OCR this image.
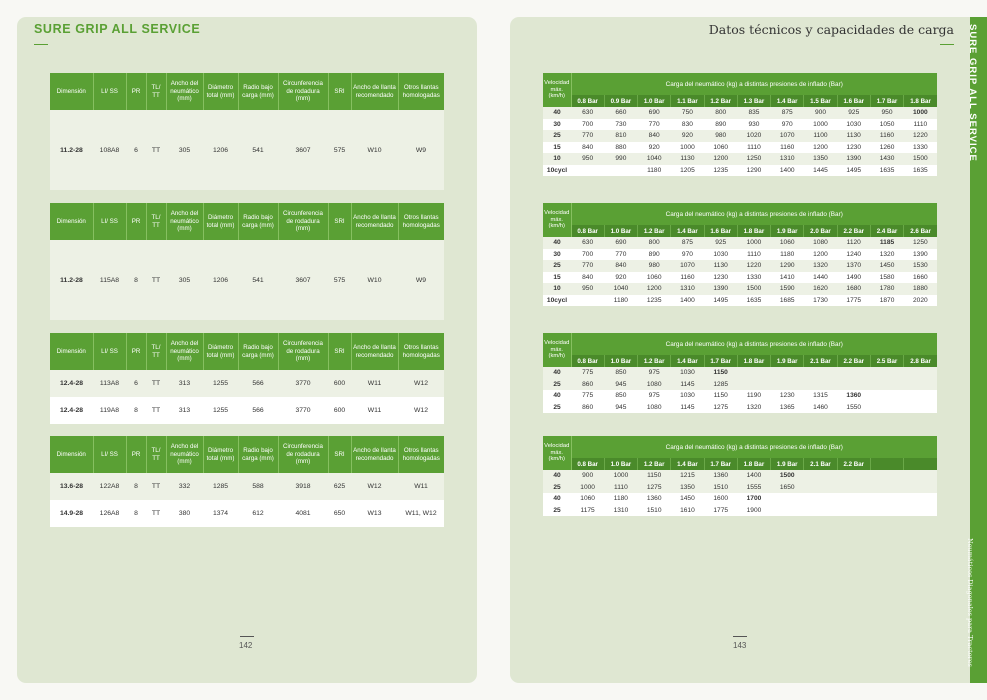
SURE GRIP ALL SERVICE	Datos técnicos y capacidades de carga
142	143
SURE GRIP ALL SERVICE
Neumáticos Diagonales para Tractores
Dimensión	LI/ SS	PR	TL/ TT	Ancho del neumático (mm)	Diámetro total (mm)	Radio bajo carga (mm)	Circunferencia de rodadura (mm)	SRI	Ancho de llanta recomendado	Otros llantas homologadas
11.2-28	108A8	6	TT	305	1206	541	3607	575	W10	W9
Dimensión	LI/ SS	PR	TL/ TT	Ancho del neumático (mm)	Diámetro total (mm)	Radio bajo carga (mm)	Circunferencia de rodadura (mm)	SRI	Ancho de llanta recomendado	Otros llantas homologadas
11.2-28	115A8	8	TT	305	1206	541	3607	575	W10	W9
Dimensión	LI/ SS	PR	TL/ TT	Ancho del neumático (mm)	Diámetro total (mm)	Radio bajo carga (mm)	Circunferencia de rodadura (mm)	SRI	Ancho de llanta recomendado	Otros llantas homologadas
12.4-28	113A8	6	TT	313	1255	566	3770	600	W11	W12
12.4-28	119A8	8	TT	313	1255	566	3770	600	W11	W12
Dimensión	LI/ SS	PR	TL/ TT	Ancho del neumático (mm)	Diámetro total (mm)	Radio bajo carga (mm)	Circunferencia de rodadura (mm)	SRI	Ancho de llanta recomendado	Otros llantas homologadas
13.6-28	122A8	8	TT	332	1285	588	3918	625	W12	W11
14.9-28	126A8	8	TT	380	1374	612	4081	650	W13	W11, W12
Velocidad máx. (km/h)	Carga del neumático (kg) a distintas presiones de inflado (Bar)										
	0.8 Bar	0.9 Bar	1.0 Bar	1.1 Bar	1.2 Bar	1.3 Bar	1.4 Bar	1.5 Bar	1.6 Bar	1.7 Bar	1.8 Bar
40	630	660	690	750	800	835	875	900	925	950	1000
30	700	730	770	830	890	930	970	1000	1030	1050	1110
25	770	810	840	920	980	1020	1070	1100	1130	1160	1220
15	840	880	920	1000	1060	1110	1160	1200	1230	1260	1330
10	950	990	1040	1130	1200	1250	1310	1350	1390	1430	1500
10cycl			1180	1205	1235	1290	1400	1445	1495	1635	1635
Velocidad máx. (km/h)	Carga del neumático (kg) a distintas presiones de inflado (Bar)										
	0.8 Bar	1.0 Bar	1.2 Bar	1.4 Bar	1.6 Bar	1.8 Bar	1.9 Bar	2.0 Bar	2.2 Bar	2.4 Bar	2.6 Bar
40	630	690	800	875	925	1000	1060	1080	1120	1185	1250
30	700	770	890	970	1030	1110	1180	1200	1240	1320	1390
25	770	840	980	1070	1130	1220	1290	1320	1370	1450	1530
15	840	920	1060	1160	1230	1330	1410	1440	1490	1580	1660
10	950	1040	1200	1310	1390	1500	1590	1620	1680	1780	1880
10cycl		1180	1235	1400	1495	1635	1685	1730	1775	1870	2020
Velocidad máx. (km/h)	Carga del neumático (kg) a distintas presiones de inflado (Bar)										
	0.8 Bar	1.0 Bar	1.2 Bar	1.4 Bar	1.7 Bar	1.8 Bar	1.9 Bar	2.1 Bar	2.2 Bar	2.5 Bar	2.8 Bar
40	775	850	975	1030	1150						
25	860	945	1080	1145	1285						
40	775	850	975	1030	1150	1190	1230	1315	1360		
25	860	945	1080	1145	1275	1320	1365	1460	1550		
Velocidad máx. (km/h)	Carga del neumático (kg) a distintas presiones de inflado (Bar)										
	0.8 Bar	1.0 Bar	1.2 Bar	1.4 Bar	1.7 Bar	1.8 Bar	1.9 Bar	2.1 Bar	2.2 Bar		
40	900	1000	1150	1215	1360	1400	1500				
25	1000	1110	1275	1350	1510	1555	1650				
40	1060	1180	1360	1450	1600	1700					
25	1175	1310	1510	1610	1775	1900					
